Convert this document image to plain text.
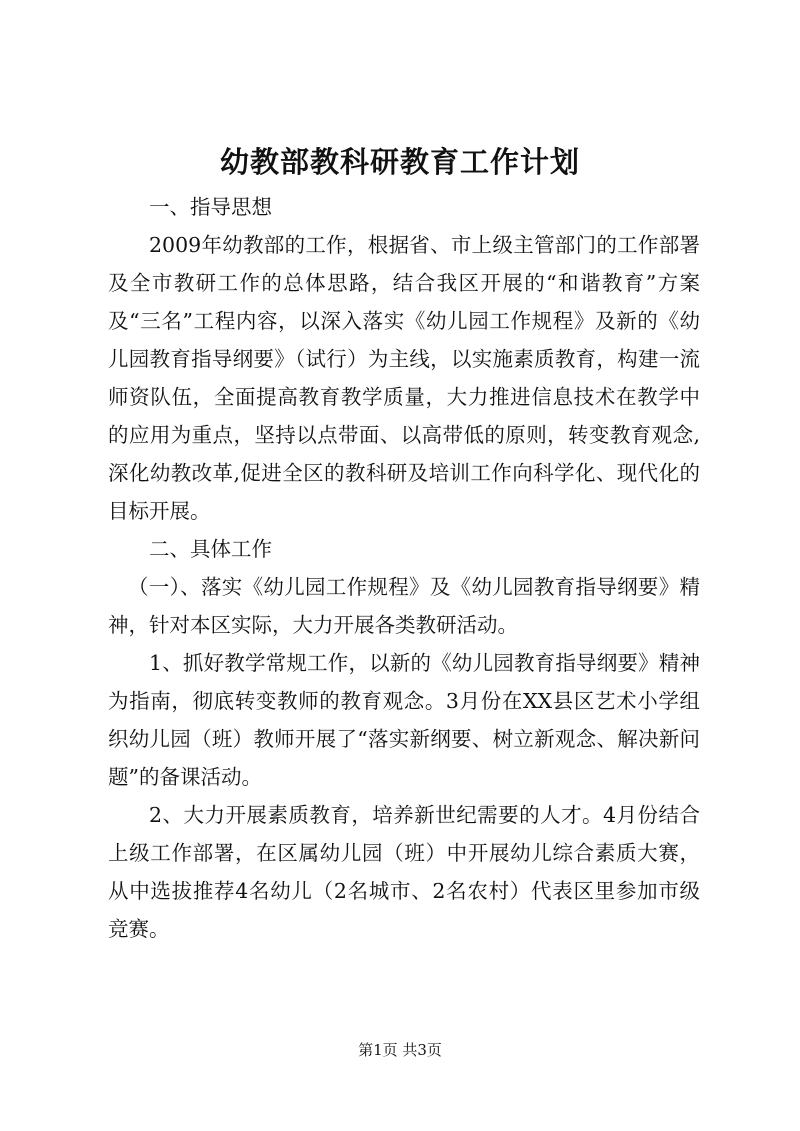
幼教部教科研教育工作计划

一、指导思想

2009年幼教部的工作，根据省、市上级主管部门的工作部署及全市教研工作的总体思路，结合我区开展的“和谐教育”方案及“三名”工程内容，以深入落实《幼儿园工作规程》及新的《幼儿园教育指导纲要》（试行）为主线，以实施素质教育，构建一流师资队伍，全面提高教育教学质量，大力推进信息技术在教学中的应用为重点，坚持以点带面、以高带低的原则，转变教育观念,深化幼教改革,促进全区的教科研及培训工作向科学化、现代化的目标开展。

二、具体工作

（一）、落实《幼儿园工作规程》及《幼儿园教育指导纲要》精神，针对本区实际，大力开展各类教研活动。

1、抓好教学常规工作，以新的《幼儿园教育指导纲要》精神为指南，彻底转变教师的教育观念。3月份在XX县区艺术小学组织幼儿园（班）教师开展了“落实新纲要、树立新观念、解决新问题”的备课活动。

2、大力开展素质教育，培养新世纪需要的人才。4月份结合上级工作部署，在区属幼儿园（班）中开展幼儿综合素质大赛，从中选拔推荐4名幼儿（2名城市、2名农村）代表区里参加市级竞赛。

第1页 共3页
